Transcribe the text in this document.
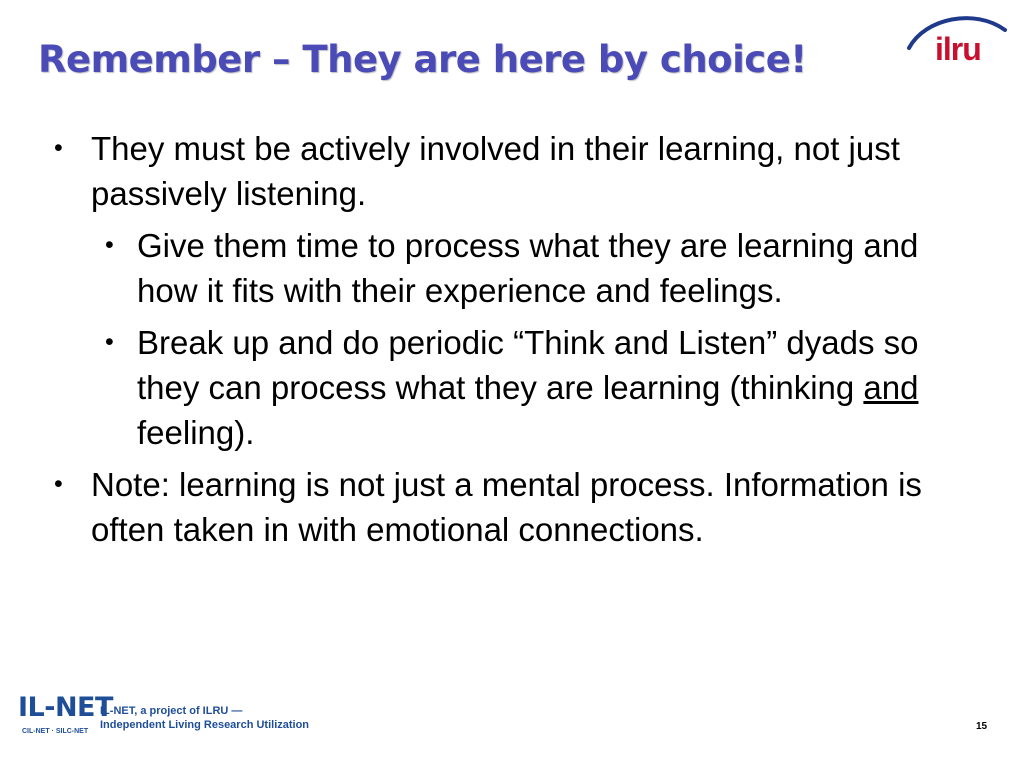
Remember – They are here by choice!	ilru
• They must be actively involved in their learning, not just passively listening.
• Give them time to process what they are learning and how it fits with their experience and feelings.
• Break up and do periodic “Think and Listen” dyads so they can process what they are learning (thinking and feeling).
• Note: learning is not just a mental process. Information is often taken in with emotional connections.
IL-NET
CIL-NET · SILC-NET
IL-NET, a project of ILRU —
Independent Living Research Utilization	15
